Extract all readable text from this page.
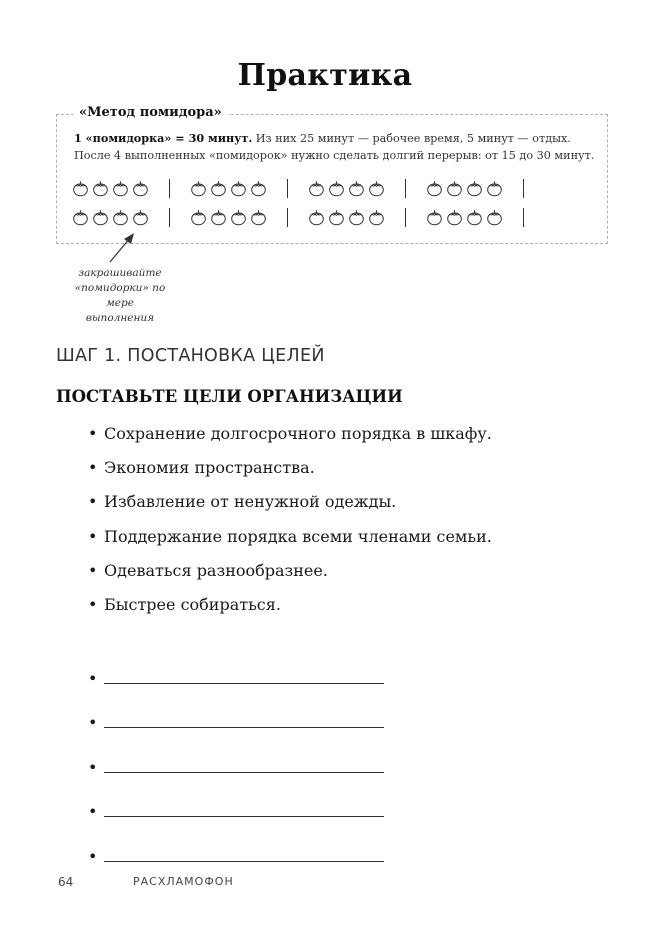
Практика
«Метод помидора»
1 «помидорка» = 30 минут. Из них 25 минут — рабочее время, 5 минут — отдых.
После 4 выполненных «помидорок» нужно сделать долгий перерыв: от 15 до 30 минут.
закрашивайте
«помидорки» по мере
выполнения
ШАГ 1. ПОСТАНОВКА ЦЕЛЕЙ
ПОСТАВЬТЕ ЦЕЛИ ОРГАНИЗАЦИИ
• Сохранение долгосрочного порядка в шкафу.
• Экономия пространства.
• Избавление от ненужной одежды.
• Поддержание порядка всеми членами семьи.
• Одеваться разнообразнее.
• Быстрее собираться.
•
•
•
•
•
64	РАСХЛАМОФОН
